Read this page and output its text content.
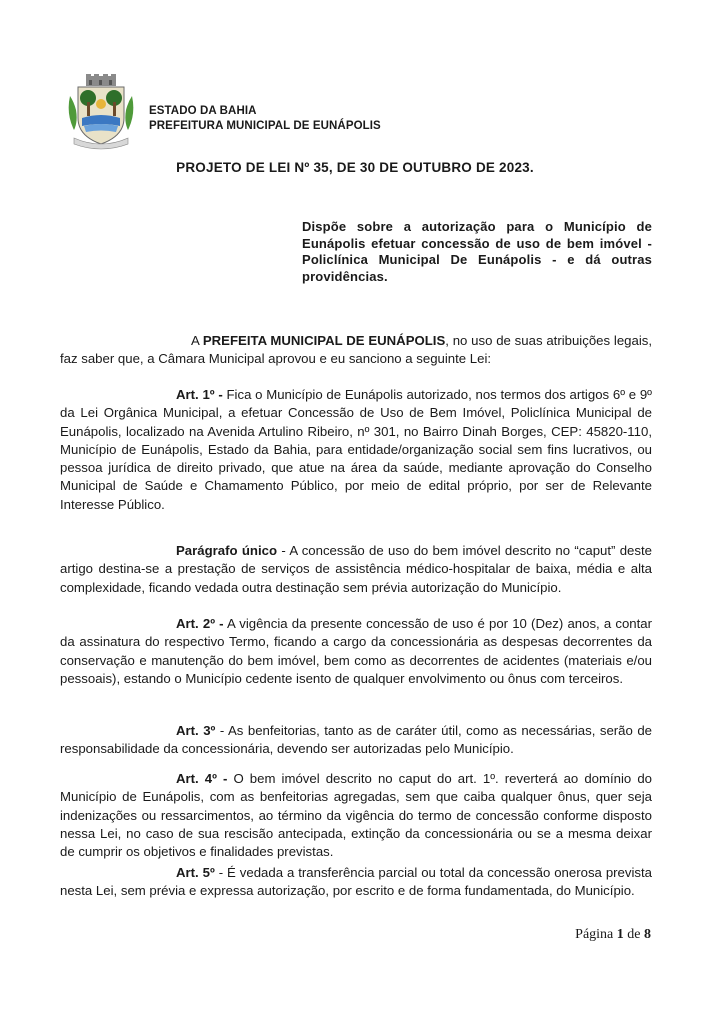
ESTADO DA BAHIA
PREFEITURA MUNICIPAL DE EUNÁPOLIS
PROJETO DE LEI Nº 35, DE 30 DE OUTUBRO DE 2023.
Dispõe sobre a autorização para o Município de Eunápolis efetuar concessão de uso de bem imóvel - Policlínica Municipal De Eunápolis - e dá outras providências.
A PREFEITA MUNICIPAL DE EUNÁPOLIS, no uso de suas atribuições legais, faz saber que, a Câmara Municipal aprovou e eu sanciono a seguinte Lei:
Art. 1º - Fica o Município de Eunápolis autorizado, nos termos dos artigos 6º e 9º da Lei Orgânica Municipal, a efetuar Concessão de Uso de Bem Imóvel, Policlínica Municipal de Eunápolis, localizado na Avenida Artulino Ribeiro, nº 301, no Bairro Dinah Borges, CEP: 45820-110, Município de Eunápolis, Estado da Bahia, para entidade/organização social sem fins lucrativos, ou pessoa jurídica de direito privado, que atue na área da saúde, mediante aprovação do Conselho Municipal de Saúde e Chamamento Público, por meio de edital próprio, por ser de Relevante Interesse Público.
Parágrafo único - A concessão de uso do bem imóvel descrito no “caput” deste artigo destina-se a prestação de serviços de assistência médico-hospitalar de baixa, média e alta complexidade, ficando vedada outra destinação sem prévia autorização do Município.
Art. 2º - A vigência da presente concessão de uso é por 10 (Dez) anos, a contar da assinatura do respectivo Termo, ficando a cargo da concessionária as despesas decorrentes da conservação e manutenção do bem imóvel, bem como as decorrentes de acidentes (materiais e/ou pessoais), estando o Município cedente isento de qualquer envolvimento ou ônus com terceiros.
Art. 3º - As benfeitorias, tanto as de caráter útil, como as necessárias, serão de responsabilidade da concessionária, devendo ser autorizadas pelo Município.
Art. 4º - O bem imóvel descrito no caput do art. 1º. reverterá ao domínio do Município de Eunápolis, com as benfeitorias agregadas, sem que caiba qualquer ônus, quer seja indenizações ou ressarcimentos, ao término da vigência do termo de concessão conforme disposto nessa Lei, no caso de sua rescisão antecipada, extinção da concessionária ou se a mesma deixar de cumprir os objetivos e finalidades previstas.
Art. 5º - É vedada a transferência parcial ou total da concessão onerosa prevista nesta Lei, sem prévia e expressa autorização, por escrito e de forma fundamentada, do Município.
Página 1 de 8
